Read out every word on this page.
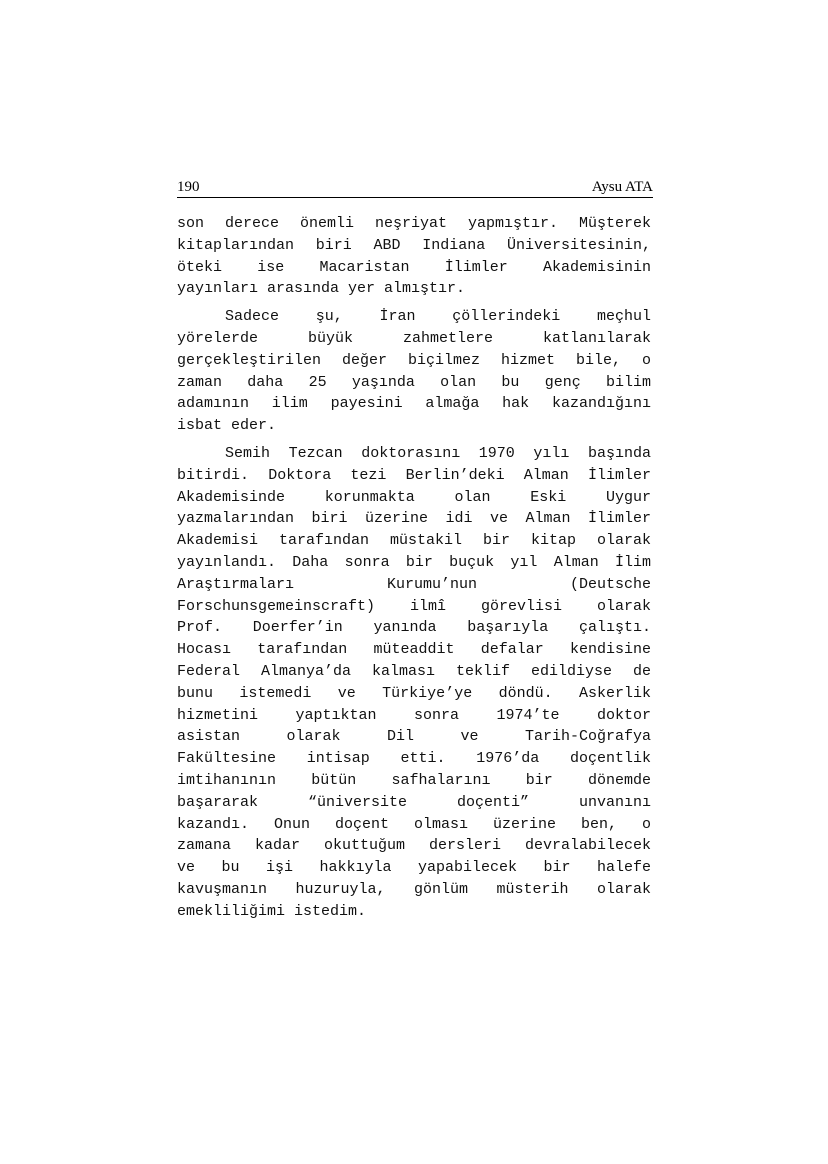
190	Aysu ATA
son derece önemli neşriyat yapmıştır. Müşterek
kitaplarından biri ABD Indiana Üniversitesinin,
öteki ise Macaristan İlimler Akademisinin
yayınları arasında yer almıştır.
Sadece şu, İran çöllerindeki meçhul
yörelerde büyük zahmetlere katlanılarak
gerçekleştirilen değer biçilmez hizmet bile, o
zaman daha 25 yaşında olan bu genç bilim
adamının ilim payesini almağa hak kazandığını
isbat eder.
Semih Tezcan doktorasını 1970 yılı başında
bitirdi. Doktora tezi Berlin’deki Alman İlimler
Akademisinde korunmakta olan Eski Uygur
yazmalarından biri üzerine idi ve Alman İlimler
Akademisi tarafından müstakil bir kitap olarak
yayınlandı. Daha sonra bir buçuk yıl Alman İlim
Araştırmaları Kurumu’nun (Deutsche
Forschunsgemeinscraft) ilmî görevlisi olarak
Prof. Doerfer’in yanında başarıyla çalıştı.
Hocası tarafından müteaddit defalar kendisine
Federal Almanya’da kalması teklif edildiyse de
bunu istemedi ve Türkiye’ye döndü. Askerlik
hizmetini yaptıktan sonra 1974’te doktor
asistan olarak Dil ve Tarih-Coğrafya
Fakültesine intisap etti. 1976’da doçentlik
imtihanının bütün safhalarını bir dönemde
başararak “üniversite doçenti” unvanını
kazandı. Onun doçent olması üzerine ben, o
zamana kadar okuttuğum dersleri devralabilecek
ve bu işi hakkıyla yapabilecek bir halefe
kavuşmanın huzuruyla, gönlüm müsterih olarak
emekliliğimi istedim.
